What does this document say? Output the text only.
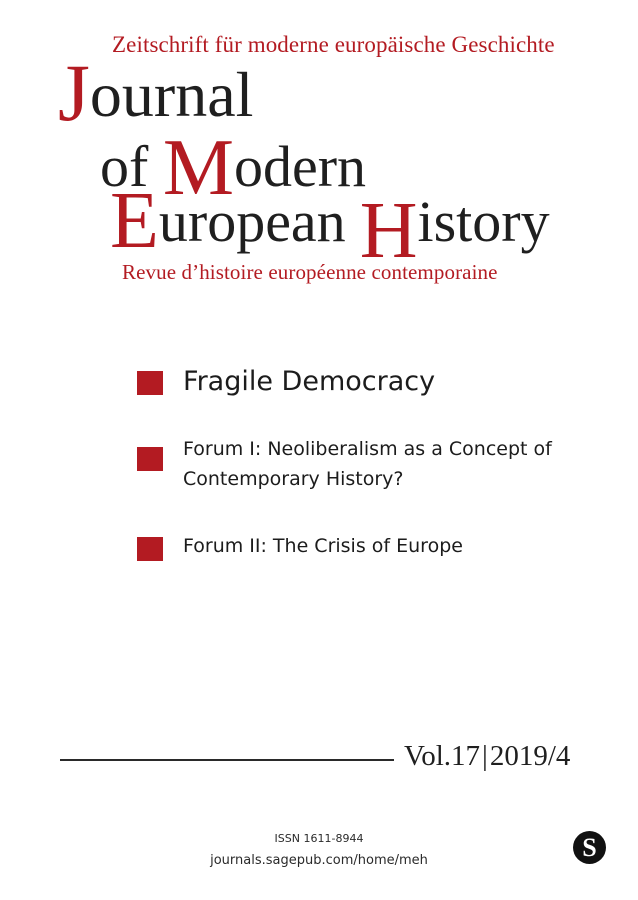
Zeitschrift für moderne europäische Geschichte
Journal
of Modern
European History
Revue d’histoire européenne contemporaine
Fragile Democracy
Forum I: Neoliberalism as a Concept of Contemporary History?
Forum II: The Crisis of Europe
Vol.17|2019/4
ISSN 1611-8944
journals.sagepub.com/home/meh	S
